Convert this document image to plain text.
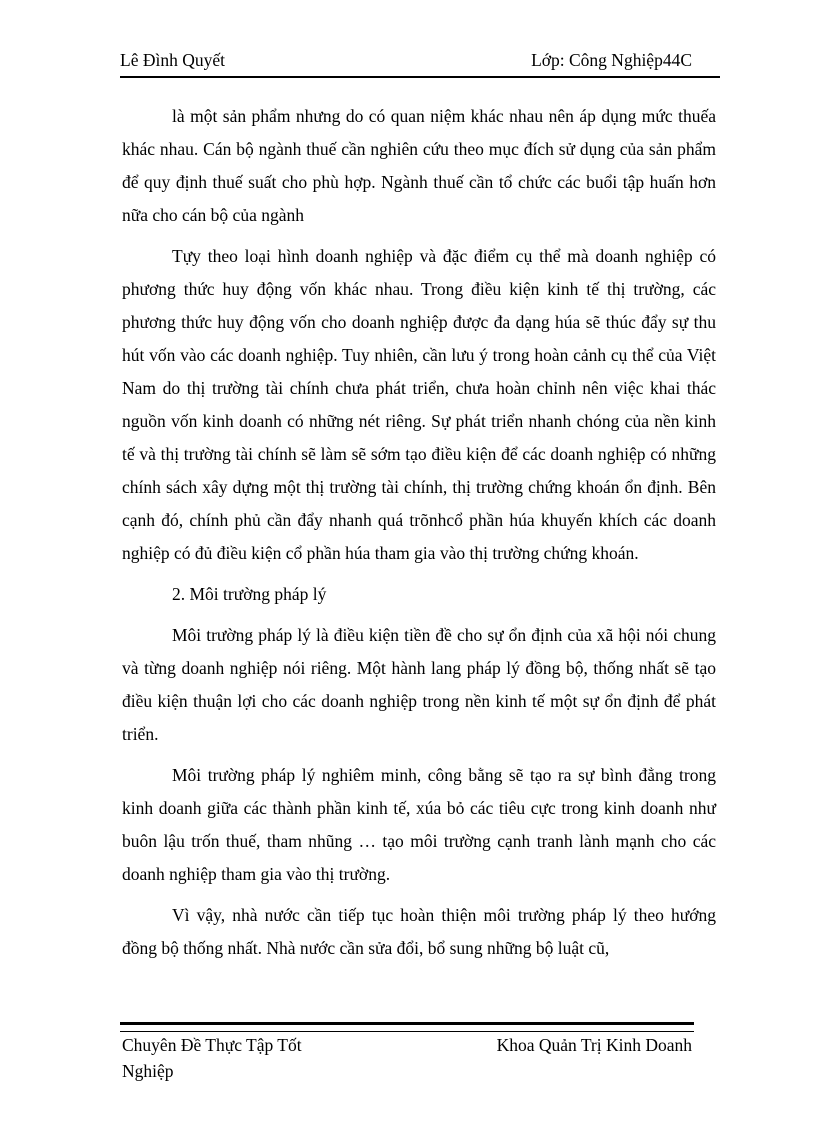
Lê Đình Quyết	Lớp: Công Nghiệp44C

là một sản phẩm nhưng do có quan niệm khác nhau nên áp dụng mức thuếa khác nhau. Cán bộ ngành thuế cần nghiên cứu theo mục đích sử dụng của sản phẩm để quy định thuế suất cho phù hợp. Ngành thuế cần tổ chức các buổi tập huấn hơn nữa cho cán bộ của ngành

Tựy theo loại hình doanh nghiệp và đặc điểm cụ thể mà doanh nghiệp có phương thức huy động vốn khác nhau. Trong điều kiện kinh tế thị trường, các phương thức huy động vốn cho doanh nghiệp được đa dạng húa sẽ thúc đẩy sự thu hút vốn vào các doanh nghiệp. Tuy nhiên, cần lưu ý trong hoàn cảnh cụ thể của Việt Nam do thị trường tài chính chưa phát triển, chưa hoàn chỉnh nên việc khai thác nguồn vốn kinh doanh có những nét riêng. Sự phát triển nhanh chóng của nền kinh tế và thị trường tài chính sẽ làm sẽ sớm tạo điều kiện để các doanh nghiệp có những chính sách xây dựng một thị trường tài chính, thị trường chứng khoán ổn định. Bên cạnh đó, chính phủ cần đẩy nhanh quá trõnhcổ phần húa khuyến khích các doanh nghiệp có đủ điều kiện cổ phần húa tham gia vào thị trường chứng khoán.

2. Môi trường pháp lý

Môi trường pháp lý là điều kiện tiền đề cho sự ổn định của xã hội nói chung và từng doanh nghiệp nói riêng. Một hành lang pháp lý đồng bộ, thống nhất sẽ tạo điều kiện thuận lợi cho các doanh nghiệp trong nền kinh tế một sự ổn định để phát triển.

Môi trường pháp lý nghiêm minh, công bằng sẽ tạo ra sự bình đẳng trong kinh doanh giữa các thành phần kinh tế, xúa bỏ các tiêu cực trong kinh doanh như buôn lậu trốn thuế, tham nhũng … tạo môi trường cạnh tranh lành mạnh cho các doanh nghiệp tham gia vào thị trường.

Vì vậy, nhà nước cần tiếp tục hoàn thiện môi trường pháp lý theo hướng đồng bộ thống nhất. Nhà nước cần sửa đổi, bổ sung những bộ luật cũ,

Chuyên Đề Thực Tập Tốt Nghiệp
Khoa Quản Trị Kinh Doanh
